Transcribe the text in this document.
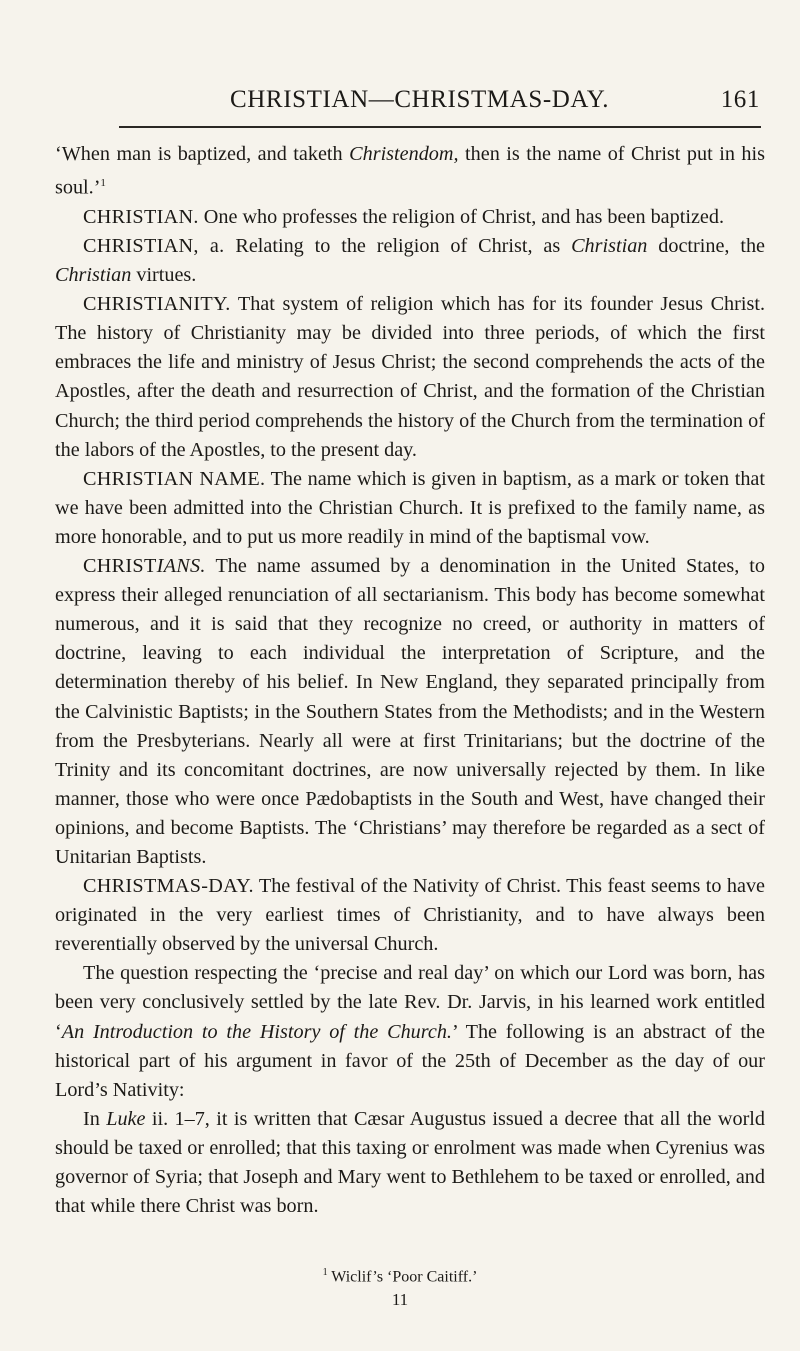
CHRISTIAN—CHRISTMAS-DAY.	161

‘When man is baptized, and taketh Christendom, then is the name of Christ put in his soul.’$^1$

CHRISTIAN. One who professes the religion of Christ, and has been baptized.

CHRISTIAN, a. Relating to the religion of Christ, as Christian doctrine, the Christian virtues.

CHRISTIANITY. That system of religion which has for its founder Jesus Christ. The history of Christianity may be divided into three periods, of which the first embraces the life and ministry of Jesus Christ; the second comprehends the acts of the Apostles, after the death and resurrection of Christ, and the formation of the Christian Church; the third period comprehends the history of the Church from the termination of the labors of the Apostles, to the present day.

CHRISTIAN NAME. The name which is given in baptism, as a mark or token that we have been admitted into the Christian Church. It is prefixed to the family name, as more honorable, and to put us more readily in mind of the baptismal vow.

CHRISTIANS. The name assumed by a denomination in the United States, to express their alleged renunciation of all sectarianism. This body has become somewhat numerous, and it is said that they recognize no creed, or authority in matters of doctrine, leaving to each individual the interpretation of Scripture, and the determination thereby of his belief. In New England, they separated principally from the Calvinistic Baptists; in the Southern States from the Methodists; and in the Western from the Presbyterians. Nearly all were at first Trinitarians; but the doctrine of the Trinity and its concomitant doctrines, are now universally rejected by them. In like manner, those who were once Pædobaptists in the South and West, have changed their opinions, and become Baptists. The ‘Christians’ may therefore be regarded as a sect of Unitarian Baptists.

CHRISTMAS-DAY. The festival of the Nativity of Christ. This feast seems to have originated in the very earliest times of Christianity, and to have always been reverentially observed by the universal Church.

The question respecting the ‘precise and real day’ on which our Lord was born, has been very conclusively settled by the late Rev. Dr. Jarvis, in his learned work entitled ‘An Introduction to the History of the Church.’ The following is an abstract of the historical part of his argument in favor of the 25th of December as the day of our Lord’s Nativity:

In Luke ii. 1–7, it is written that Cæsar Augustus issued a decree that all the world should be taxed or enrolled; that this taxing or enrolment was made when Cyrenius was governor of Syria; that Joseph and Mary went to Bethlehem to be taxed or enrolled, and that while there Christ was born.

$^1$ Wiclif’s ‘Poor Caitiff.’
11
